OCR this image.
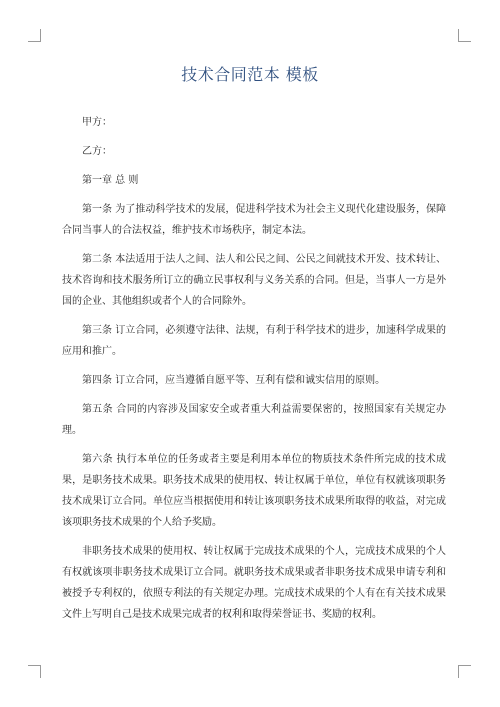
技术合同范本 模板
甲方：
乙方：
第一章 总 则

第一条 为了推动科学技术的发展，促进科学技术为社会主义现代化建设服务，保障合同当事人的合法权益，维护技术市场秩序，制定本法。

第二条 本法适用于法人之间、法人和公民之间、公民之间就技术开发、技术转让、技术咨询和技术服务所订立的确立民事权利与义务关系的合同。但是，当事人一方是外国的企业、其他组织或者个人的合同除外。

第三条 订立合同，必须遵守法律、法规，有利于科学技术的进步，加速科学成果的应用和推广。

第四条 订立合同，应当遵循自愿平等、互利有偿和诚实信用的原则。

第五条 合同的内容涉及国家安全或者重大利益需要保密的，按照国家有关规定办理。

第六条 执行本单位的任务或者主要是利用本单位的物质技术条件所完成的技术成果，是职务技术成果。职务技术成果的使用权、转让权属于单位，单位有权就该项职务技术成果订立合同。单位应当根据使用和转让该项职务技术成果所取得的收益，对完成该项职务技术成果的个人给予奖励。

非职务技术成果的使用权、转让权属于完成技术成果的个人，完成技术成果的个人有权就该项非职务技术成果订立合同。就职务技术成果或者非职务技术成果申请专利和被授予专利权的，依照专利法的有关规定办理。完成技术成果的个人有在有关技术成果文件上写明自己是技术成果完成者的权利和取得荣誉证书、奖励的权利。
